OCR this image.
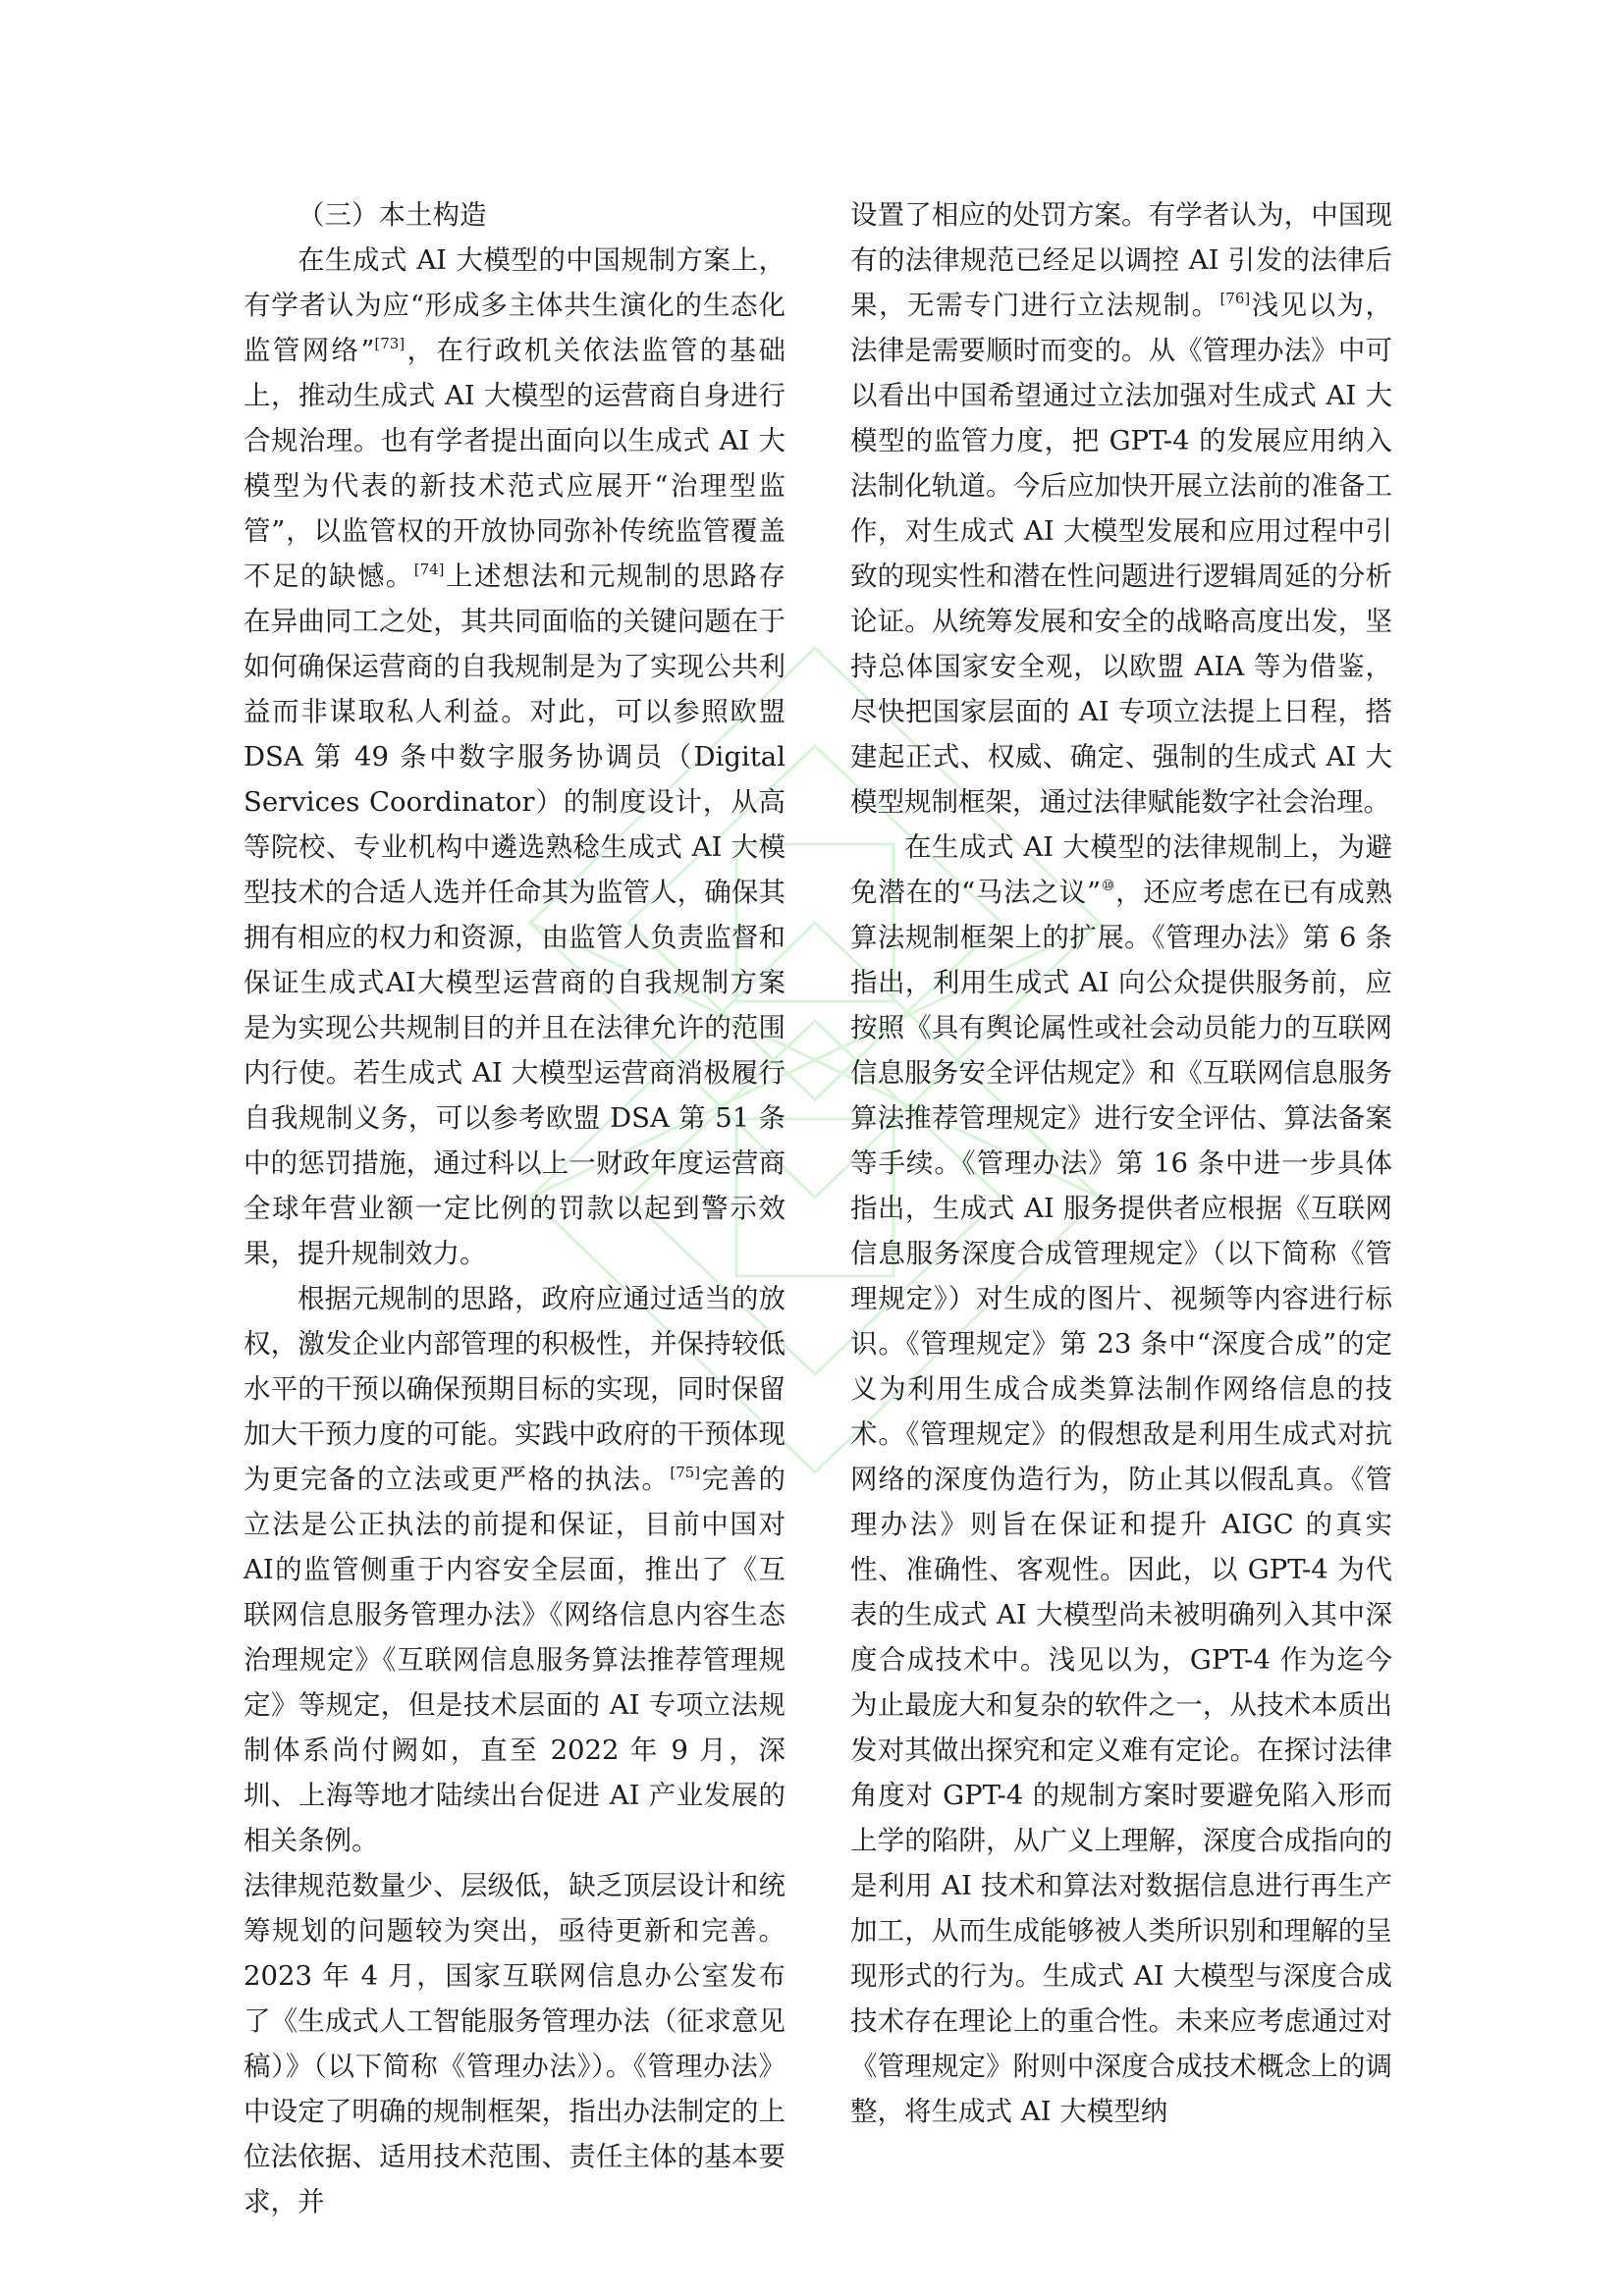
（三）本土构造

在生成式 AI 大模型的中国规制方案上，有学者认为应“形成多主体共生演化的生态化监管网络”[73]，在行政机关依法监管的基础上，推动生成式 AI 大模型的运营商自身进行合规治理。也有学者提出面向以生成式 AI 大模型为代表的新技术范式应展开“治理型监管”，以监管权的开放协同弥补传统监管覆盖不足的缺憾。[74]上述想法和元规制的思路存在异曲同工之处，其共同面临的关键问题在于如何确保运营商的自我规制是为了实现公共利益而非谋取私人利益。对此，可以参照欧盟 DSA 第 49 条中数字服务协调员（Digital Services Coordinator）的制度设计，从高等院校、专业机构中遴选熟稔生成式 AI 大模型技术的合适人选并任命其为监管人，确保其拥有相应的权力和资源，由监管人负责监督和保证生成式AI大模型运营商的自我规制方案是为实现公共规制目的并且在法律允许的范围内行使。若生成式 AI 大模型运营商消极履行自我规制义务，可以参考欧盟 DSA 第 51 条中的惩罚措施，通过科以上一财政年度运营商全球年营业额一定比例的罚款以起到警示效果，提升规制效力。

根据元规制的思路，政府应通过适当的放权，激发企业内部管理的积极性，并保持较低水平的干预以确保预期目标的实现，同时保留加大干预力度的可能。实践中政府的干预体现为更完备的立法或更严格的执法。[75]完善的立法是公正执法的前提和保证，目前中国对AI的监管侧重于内容安全层面，推出了《互联网信息服务管理办法》《网络信息内容生态治理规定》《互联网信息服务算法推荐管理规定》等规定，但是技术层面的 AI 专项立法规制体系尚付阙如，直至 2022 年 9 月，深圳、上海等地才陆续出台促进 AI 产业发展的相关条例。

法律规范数量少、层级低，缺乏顶层设计和统筹规划的问题较为突出，亟待更新和完善。2023 年 4 月，国家互联网信息办公室发布了《生成式人工智能服务管理办法（征求意见稿）》（以下简称《管理办法》）。《管理办法》中设定了明确的规制框架，指出办法制定的上位法依据、适用技术范围、责任主体的基本要求，并

设置了相应的处罚方案。有学者认为，中国现有的法律规范已经足以调控 AI 引发的法律后果，无需专门进行立法规制。[76]浅见以为，法律是需要顺时而变的。从《管理办法》中可以看出中国希望通过立法加强对生成式 AI 大模型的监管力度，把 GPT-4 的发展应用纳入法制化轨道。今后应加快开展立法前的准备工作，对生成式 AI 大模型发展和应用过程中引致的现实性和潜在性问题进行逻辑周延的分析论证。从统筹发展和安全的战略高度出发，坚持总体国家安全观，以欧盟 AIA 等为借鉴，尽快把国家层面的 AI 专项立法提上日程，搭建起正式、权威、确定、强制的生成式 AI 大模型规制框架，通过法律赋能数字社会治理。

在生成式 AI 大模型的法律规制上，为避免潜在的“马法之议”⑩，还应考虑在已有成熟算法规制框架上的扩展。《管理办法》第 6 条指出，利用生成式 AI 向公众提供服务前，应按照《具有舆论属性或社会动员能力的互联网信息服务安全评估规定》和《互联网信息服务算法推荐管理规定》进行安全评估、算法备案等手续。《管理办法》第 16 条中进一步具体指出，生成式 AI 服务提供者应根据《互联网信息服务深度合成管理规定》（以下简称《管理规定》）对生成的图片、视频等内容进行标识。《管理规定》第 23 条中“深度合成”的定义为利用生成合成类算法制作网络信息的技术。《管理规定》的假想敌是利用生成式对抗网络的深度伪造行为，防止其以假乱真。《管理办法》则旨在保证和提升 AIGC 的真实性、准确性、客观性。因此，以 GPT-4 为代表的生成式 AI 大模型尚未被明确列入其中深度合成技术中。浅见以为，GPT-4 作为迄今为止最庞大和复杂的软件之一，从技术本质出发对其做出探究和定义难有定论。在探讨法律角度对 GPT-4 的规制方案时要避免陷入形而上学的陷阱，从广义上理解，深度合成指向的是利用 AI 技术和算法对数据信息进行再生产加工，从而生成能够被人类所识别和理解的呈现形式的行为。生成式 AI 大模型与深度合成技术存在理论上的重合性。未来应考虑通过对《管理规定》附则中深度合成技术概念上的调整，将生成式 AI 大模型纳
